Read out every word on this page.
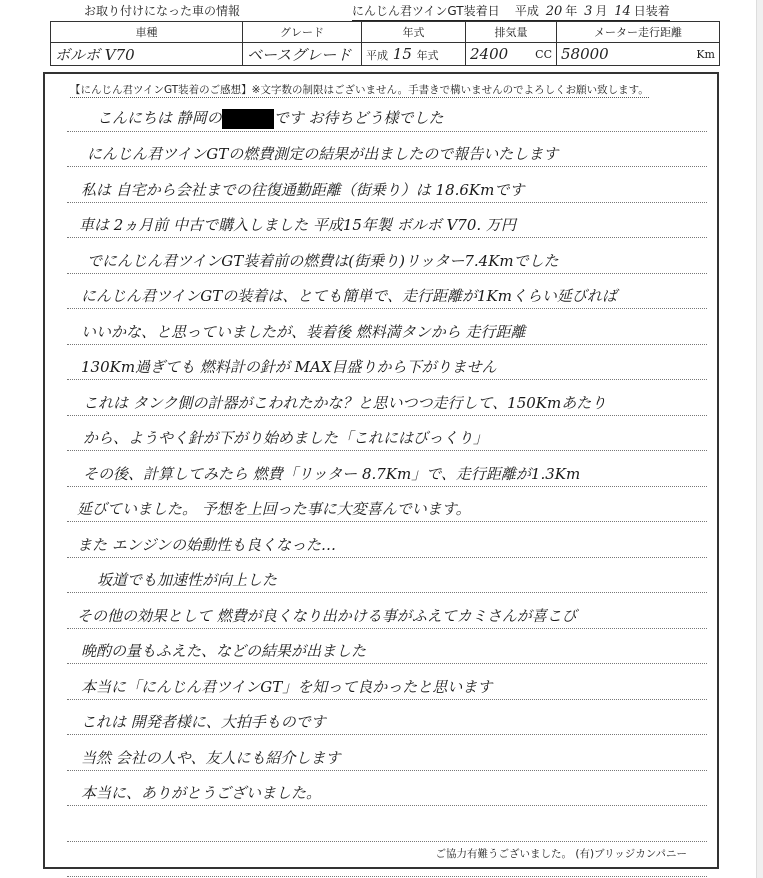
お取り付けになった車の情報	にんじん君ツインGT装着日 平成 20 年 3 月 14 日装着
車種	グレード	年式	排気量	メーター走行距離
ボルボ V70	ベースグレード	平成 15 年式	2400 CC	58000 Km
【にんじん君ツインGT装着のご感想】※文字数の制限はございません。手書きで構いませんのでよろしくお願い致します。
こんにちは 静岡の	です お待ちどう様でした
にんじん君ツインGTの燃費測定の結果が出ましたので報告いたします
私は 自宅から会社までの往復通勤距離（街乗り）は 18.6Kmです
車は 2ヵ月前 中古で購入しました 平成15年製 ボルボ V70. 万円
でにんじん君ツインGT装着前の燃費は(街乗り)リッター7.4Kmでした
にんじん君ツインGTの装着は、とても簡単で、走行距離が1Kmくらい延びれば
いいかな、と思っていましたが、装着後 燃料満タンから 走行距離
130Km過ぎても 燃料計の針が MAX目盛りから下がりません
これは タンク側の計器がこわれたかな？と思いつつ走行して、150Kmあたり
から、ようやく針が下がり始めました「これにはびっくり」
その後、計算してみたら 燃費「リッター 8.7Km」で、走行距離が1.3Km
延びていました。 予想を上回った事に大変喜んでいます。
また エンジンの始動性も良くなった…
坂道でも加速性が向上した
その他の効果として 燃費が良くなり出かける事がふえてカミさんが喜こび
晩酌の量もふえた、などの結果が出ました
本当に「にんじん君ツインGT」を知って良かったと思います
これは 開発者様に、大拍手ものです
当然 会社の人や、友人にも紹介します
本当に、ありがとうございました。
ご協力有難うございました。 (有)ブリッジカンパニー
